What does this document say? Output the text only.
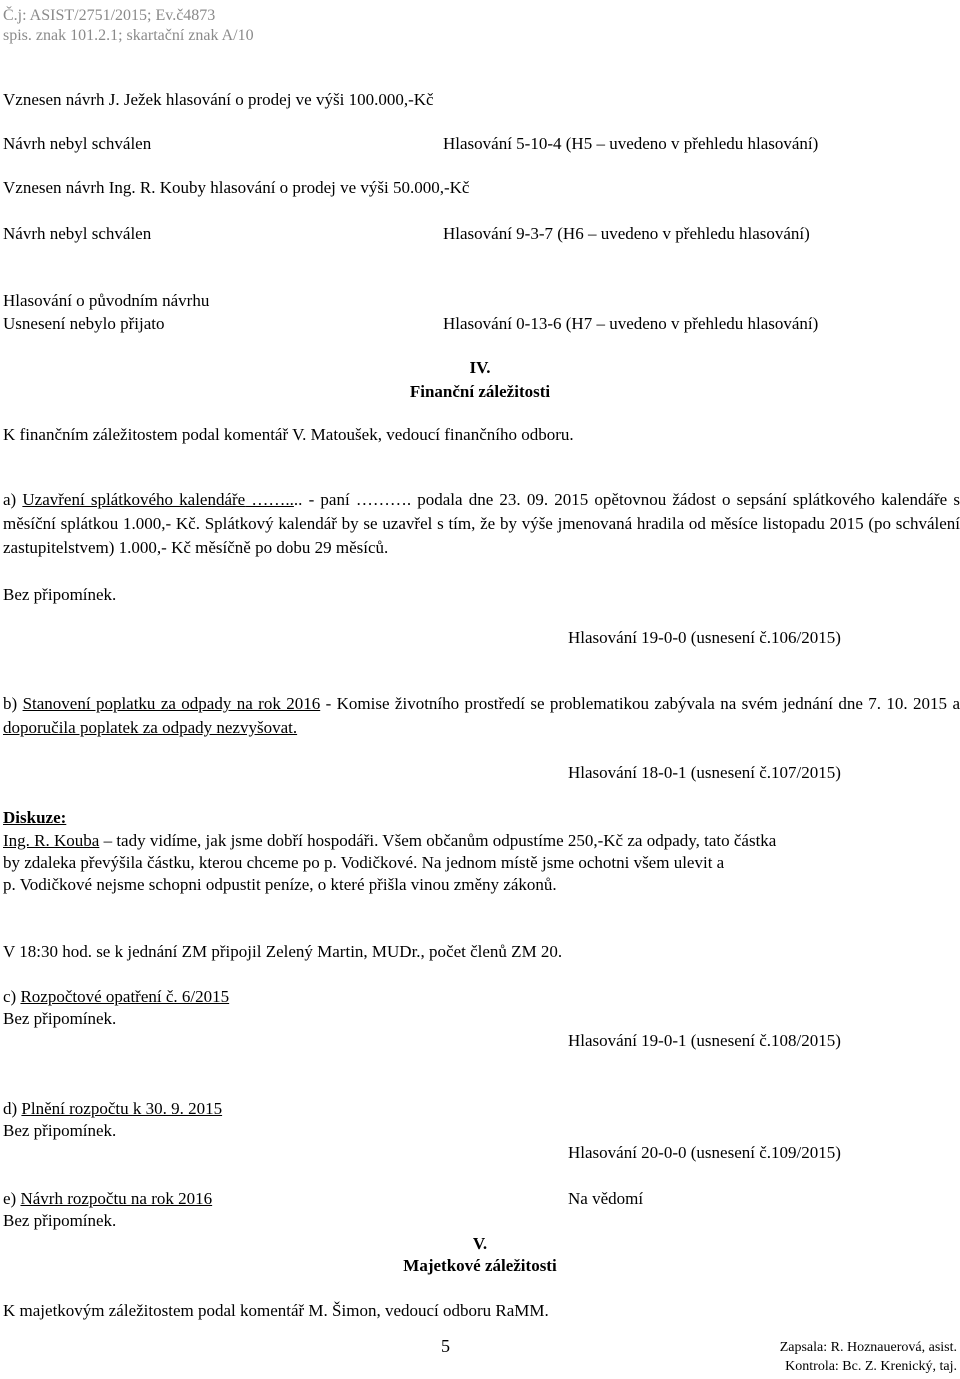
Č.j: ASIST/2751/2015; Ev.č4873
spis. znak 101.2.1; skartační znak A/10
Vznesen návrh J. Ježek hlasování o prodej ve výši 100.000,-Kč
Návrh nebyl schválen	Hlasování 5-10-4 (H5 – uvedeno v přehledu hlasování)
Vznesen návrh Ing. R. Kouby hlasování o prodej ve výši 50.000,-Kč
Návrh nebyl schválen	Hlasování 9-3-7 (H6 – uvedeno v přehledu hlasování)
Hlasování o původním návrhu
Usnesení nebylo přijato	Hlasování 0-13-6 (H7 – uvedeno v přehledu hlasování)
IV.
Finanční záležitosti
K finančním záležitostem podal komentář V. Matoušek, vedoucí finančního odboru.
a) Uzavření splátkového kalendáře …….... - paní ………. podala dne 23. 09. 2015 opětovnou žádost o sepsání splátkového kalendáře s měsíční splátkou 1.000,- Kč. Splátkový kalendář by se uzavřel s tím, že by výše jmenovaná hradila od měsíce listopadu 2015 (po schválení zastupitelstvem) 1.000,- Kč měsíčně po dobu 29 měsíců.
Bez připomínek.
Hlasování 19-0-0 (usnesení č.106/2015)
b) Stanovení poplatku za odpady na rok 2016 - Komise životního prostředí se problematikou zabývala na svém jednání dne 7. 10. 2015 a doporučila poplatek za odpady nezvyšovat.
Hlasování 18-0-1 (usnesení č.107/2015)
Diskuze:
Ing. R. Kouba – tady vidíme, jak jsme dobří hospodáři. Všem občanům odpustíme 250,-Kč za odpady, tato částka
by zdaleka převýšila částku, kterou chceme po p. Vodičkové. Na jednom místě jsme ochotni všem ulevit a
p. Vodičkové nejsme schopni odpustit peníze, o které přišla vinou změny zákonů.
V 18:30 hod. se k jednání ZM připojil Zelený Martin, MUDr., počet členů ZM 20.
c) Rozpočtové opatření č. 6/2015
Bez připomínek.
Hlasování 19-0-1 (usnesení č.108/2015)
d) Plnění rozpočtu k 30. 9. 2015
Bez připomínek.
Hlasování 20-0-0 (usnesení č.109/2015)
e) Návrh rozpočtu na rok 2016	Na vědomí
Bez připomínek.
V.
Majetkové záležitosti
K majetkovým záležitostem podal komentář M. Šimon, vedoucí odboru RaMM.
5	Zapsala: R. Hoznauerová, asist.
Kontrola: Bc. Z. Krenický, taj.
